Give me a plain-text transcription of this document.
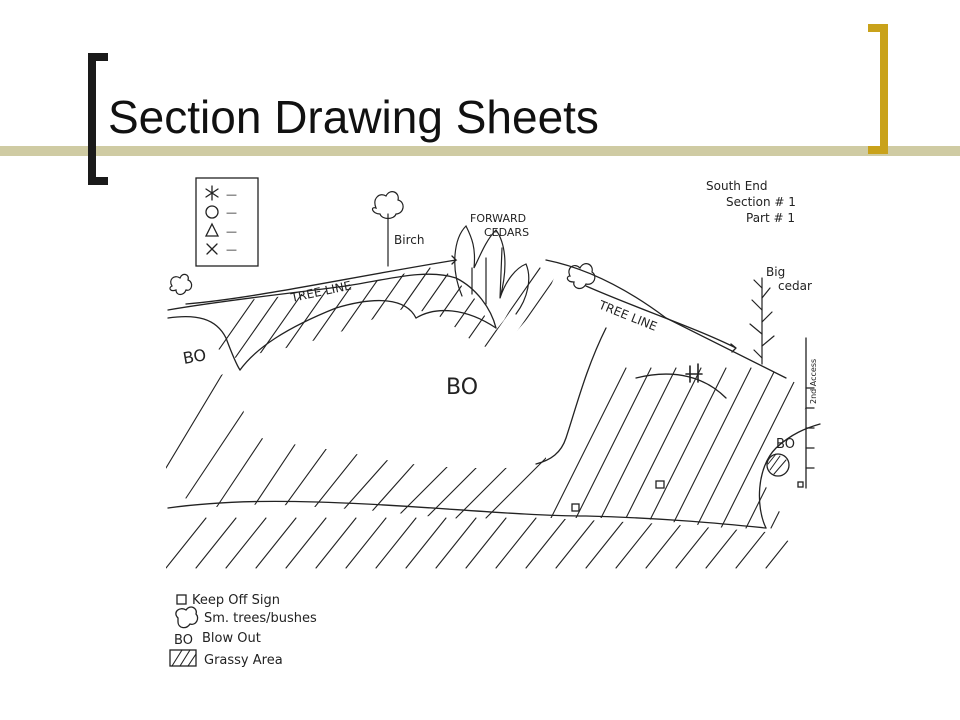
Section Drawing Sheets
South End
Section # 1
Part # 1
Birch
FORWARD
CEDARS
Big
cedar
TREE LINE
TREE LINE
BO
BO
BO
2nd Access
—
—
—
—
Keep Off Sign
Sm. trees/bushes
BO Blow Out
Grassy Area
